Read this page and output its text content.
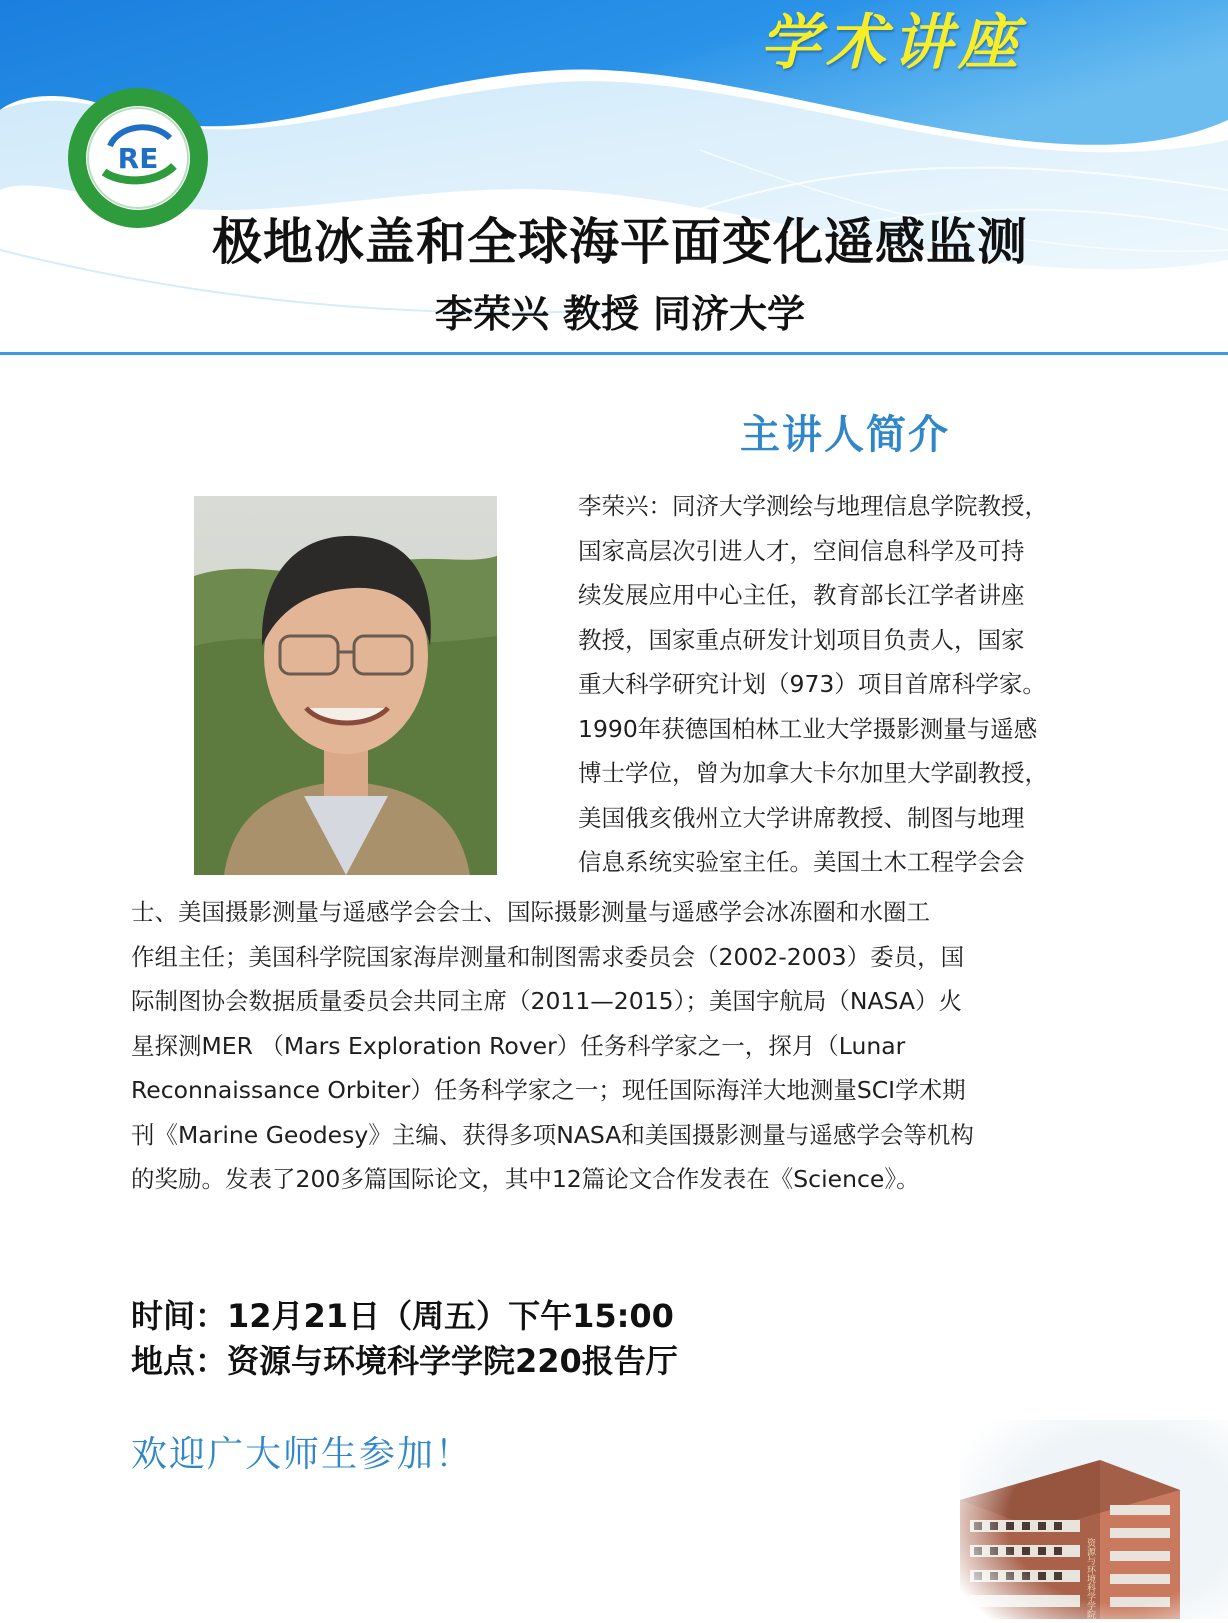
学术讲座
RE
极地冰盖和全球海平面变化遥感监测
李荣兴 教授 同济大学
主讲人简介
李荣兴：同济大学测绘与地理信息学院教授，
国家高层次引进人才，空间信息科学及可持
续发展应用中心主任，教育部长江学者讲座
教授，国家重点研发计划项目负责人，国家
重大科学研究计划（973）项目首席科学家。
1990年获德国柏林工业大学摄影测量与遥感
博士学位，曾为加拿大卡尔加里大学副教授，
美国俄亥俄州立大学讲席教授、制图与地理
信息系统实验室主任。美国土木工程学会会
士、美国摄影测量与遥感学会会士、国际摄影测量与遥感学会冰冻圈和水圈工
作组主任；美国科学院国家海岸测量和制图需求委员会（2002-2003）委员，国
际制图协会数据质量委员会共同主席（2011—2015）；美国宇航局（NASA）火
星探测MER （Mars Exploration Rover）任务科学家之一，探月（Lunar
Reconnaissance Orbiter）任务科学家之一；现任国际海洋大地测量SCI学术期
刊《Marine Geodesy》主编、获得多项NASA和美国摄影测量与遥感学会等机构
的奖励。发表了200多篇国际论文，其中12篇论文合作发表在《Science》。
时间：12月21日（周五）下午15:00
地点：资源与环境科学学院220报告厅
欢迎广大师生参加！
